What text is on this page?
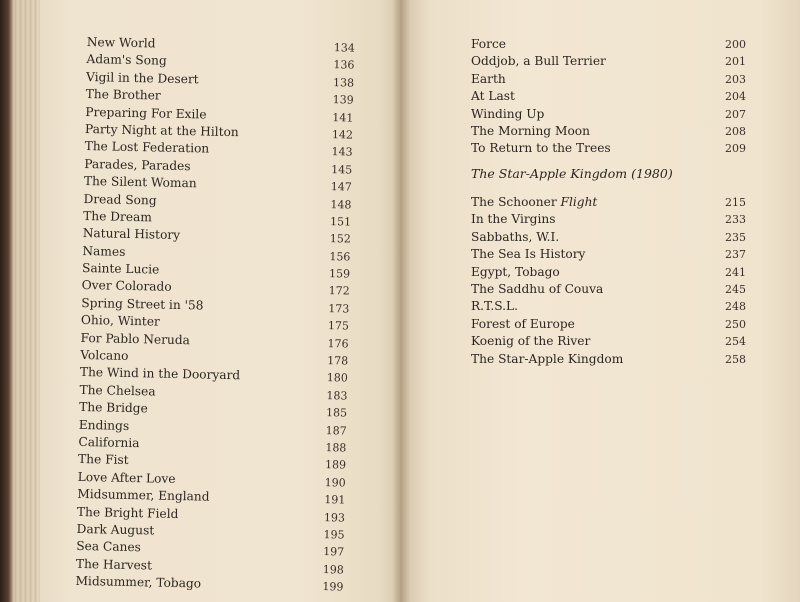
New World	134
Adam's Song	136
Vigil in the Desert	138
The Brother	139
Preparing For Exile	141
Party Night at the Hilton	142
The Lost Federation	143
Parades, Parades	145
The Silent Woman	147
Dread Song	148
The Dream	151
Natural History	152
Names	156
Sainte Lucie	159
Over Colorado	172
Spring Street in '58	173
Ohio, Winter	175
For Pablo Neruda	176
Volcano	178
The Wind in the Dooryard	180
The Chelsea	183
The Bridge	185
Endings	187
California	188
The Fist	189
Love After Love	190
Midsummer, England	191
The Bright Field	193
Dark August	195
Sea Canes	197
The Harvest	198
Midsummer, Tobago	199
Force	200
Oddjob, a Bull Terrier	201
Earth	203
At Last	204
Winding Up	207
The Morning Moon	208
To Return to the Trees	209
The Star-Apple Kingdom (1980)
The Schooner Flight	215
In the Virgins	233
Sabbaths, W.I.	235
The Sea Is History	237
Egypt, Tobago	241
The Saddhu of Couva	245
R.T.S.L.	248
Forest of Europe	250
Koenig of the River	254
The Star-Apple Kingdom	258
